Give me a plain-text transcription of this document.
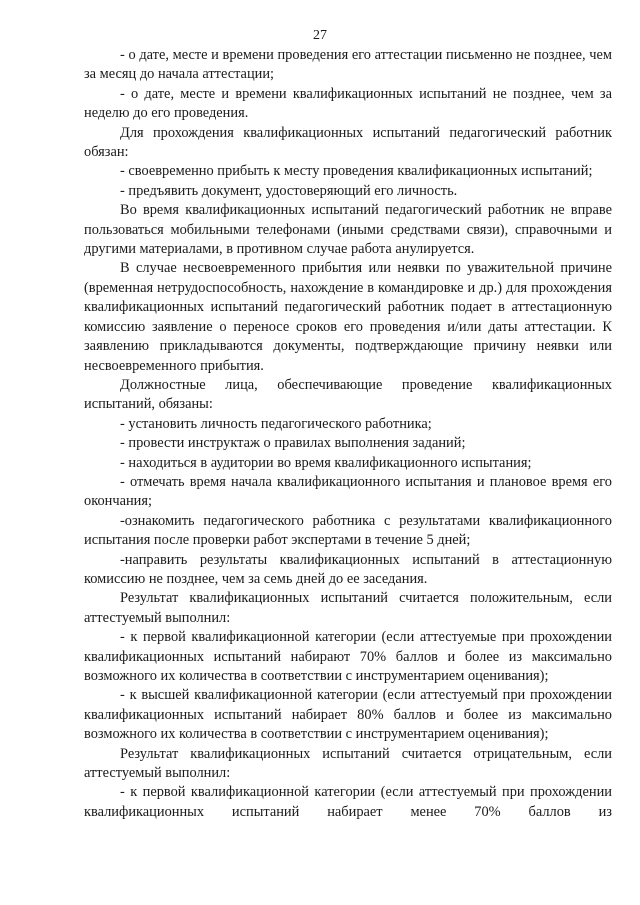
27

- о дате, месте и времени проведения его аттестации письменно не позднее, чем за месяц до начала аттестации;

- о дате, месте и времени квалификационных испытаний не позднее, чем за неделю до его проведения.

Для прохождения квалификационных испытаний педагогический работник обязан:

- своевременно прибыть к месту проведения квалификационных испытаний;

- предъявить документ, удостоверяющий его личность.

Во время квалификационных испытаний педагогический работник не вправе пользоваться мобильными телефонами (иными средствами связи), справочными и другими материалами, в противном случае работа анулируется.

В случае несвоевременного прибытия или неявки по уважительной причине (временная нетрудоспособность, нахождение в командировке и др.) для прохождения квалификационных испытаний педагогический работник подает в аттестационную комиссию заявление о переносе сроков его проведения и/или даты аттестации. К заявлению прикладываются документы, подтверждающие причину неявки или несвоевременного прибытия.

Должностные лица, обеспечивающие проведение квалификационных испытаний, обязаны:

- установить личность педагогического работника;

- провести инструктаж о правилах выполнения заданий;

- находиться в аудитории во время квалификационного испытания;

- отмечать время начала квалификационного испытания и плановое время его окончания;

-ознакомить педагогического работника с результатами квалификационного испытания после проверки работ экспертами в течение 5 дней;

-направить результаты квалификационных испытаний в аттестационную комиссию не позднее, чем за семь дней до ее заседания.

Результат квалификационных испытаний считается положительным, если аттестуемый выполнил:

- к первой квалификационной категории (если аттестуемые при прохождении квалификационных испытаний набирают 70% баллов и более из максимально возможного их количества в соответствии с инструментарием оценивания);

- к высшей квалификационной категории (если аттестуемый при прохождении квалификационных испытаний набирает 80% баллов и более из максимально возможного их количества в соответствии с инструментарием оценивания);

Результат квалификационных испытаний считается отрицательным, если аттестуемый выполнил:

- к первой квалификационной категории (если аттестуемый при прохождении квалификационных испытаний набирает менее 70% баллов из
